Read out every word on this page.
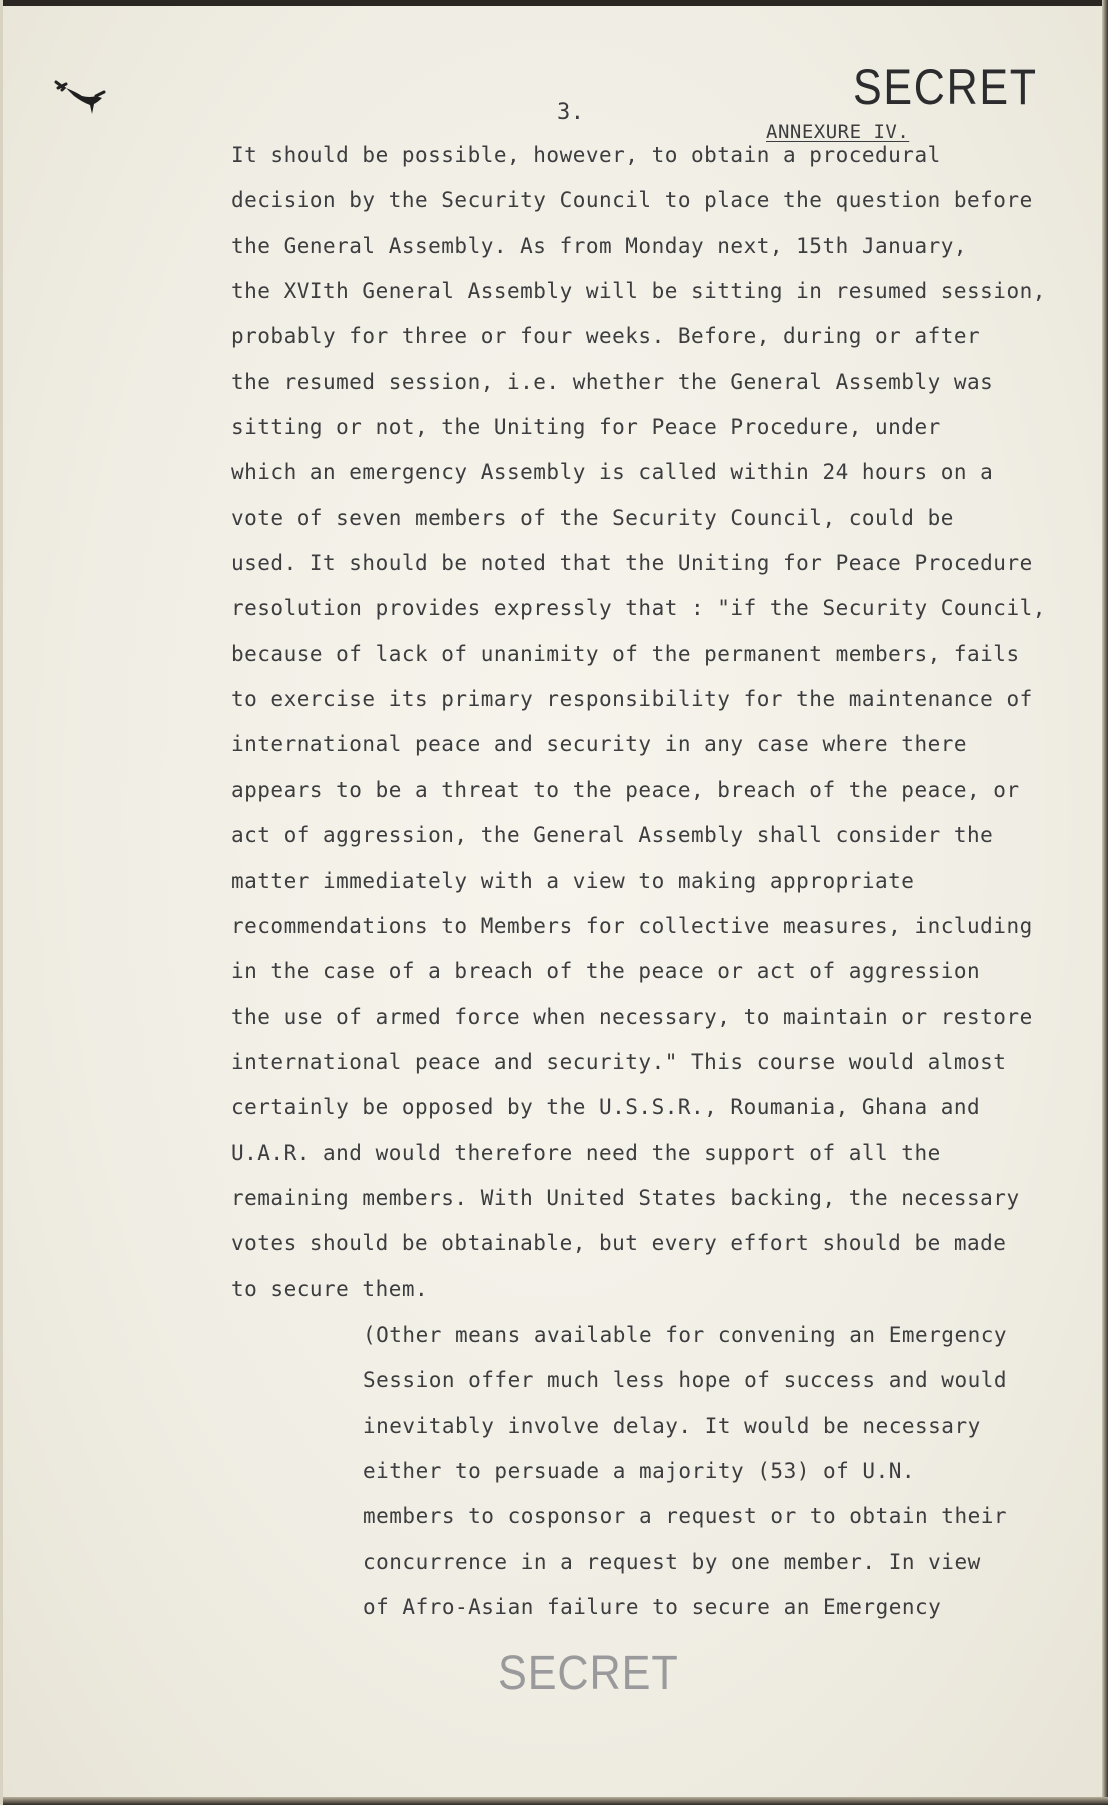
SECRET
3.
ANNEXURE IV.
It should be possible, however, to obtain a procedural
decision by the Security Council to place the question before
the General Assembly. As from Monday next, 15th January,
the XVIth General Assembly will be sitting in resumed session,
probably for three or four weeks. Before, during or after
the resumed session, i.e. whether the General Assembly was
sitting or not, the Uniting for Peace Procedure, under
which an emergency Assembly is called within 24 hours on a
vote of seven members of the Security Council, could be
used. It should be noted that the Uniting for Peace Procedure
resolution provides expressly that : "if the Security Council,
because of lack of unanimity of the permanent members, fails
to exercise its primary responsibility for the maintenance of
international peace and security in any case where there
appears to be a threat to the peace, breach of the peace, or
act of aggression, the General Assembly shall consider the
matter immediately with a view to making appropriate
recommendations to Members for collective measures, including
in the case of a breach of the peace or act of aggression
the use of armed force when necessary, to maintain or restore
international peace and security." This course would almost
certainly be opposed by the U.S.S.R., Roumania, Ghana and
U.A.R. and would therefore need the support of all the
remaining members. With United States backing, the necessary
votes should be obtainable, but every effort should be made
to secure them.
(Other means available for convening an Emergency
Session offer much less hope of success and would
inevitably involve delay. It would be necessary
either to persuade a majority (53) of U.N.
members to cosponsor a request or to obtain their
concurrence in a request by one member. In view
of Afro-Asian failure to secure an Emergency
SECRET
